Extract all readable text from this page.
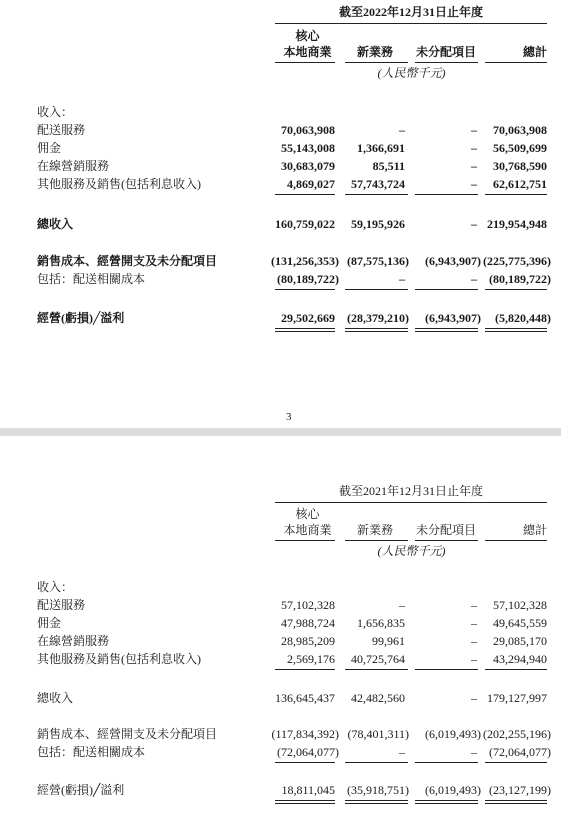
截至2022年12月31日止年度
核心
本地商業	新業務	未分配項目	總計
(人民幣千元)
收入：
配送服務	70,063,908	–	–	70,063,908
佣金	55,143,008	1,366,691	–	56,509,699
在線營銷服務	30,683,079	85,511	–	30,768,590
其他服務及銷售(包括利息收入)	4,869,027	57,743,724	–	62,612,751
總收入	160,759,022	59,195,926	– 219,954,948
銷售成本、經營開支及未分配項目	(131,256,353) (87,575,136)	(6,943,907) (225,775,396)
包括：配送相關成本	(80,189,722)	–	–	(80,189,722)
經營(虧損)╱溢利	29,502,669	(28,379,210)	(6,943,907)	(5,820,448)
3
截至2021年12月31日止年度
核心
本地商業	新業務	未分配項目	總計
(人民幣千元)
收入：
配送服務	57,102,328	–	–	57,102,328
佣金	47,988,724	1,656,835	–	49,645,559
在線營銷服務	28,985,209	99,961	–	29,085,170
其他服務及銷售(包括利息收入)	2,569,176	40,725,764	–	43,294,940
總收入	136,645,437	42,482,560	– 179,127,997
銷售成本、經營開支及未分配項目	(117,834,392) (78,401,311)	(6,019,493) (202,255,196)
包括：配送相關成本	(72,064,077)	–	–	(72,064,077)
經營(虧損)╱溢利	18,811,045	(35,918,751)	(6,019,493) (23,127,199)
